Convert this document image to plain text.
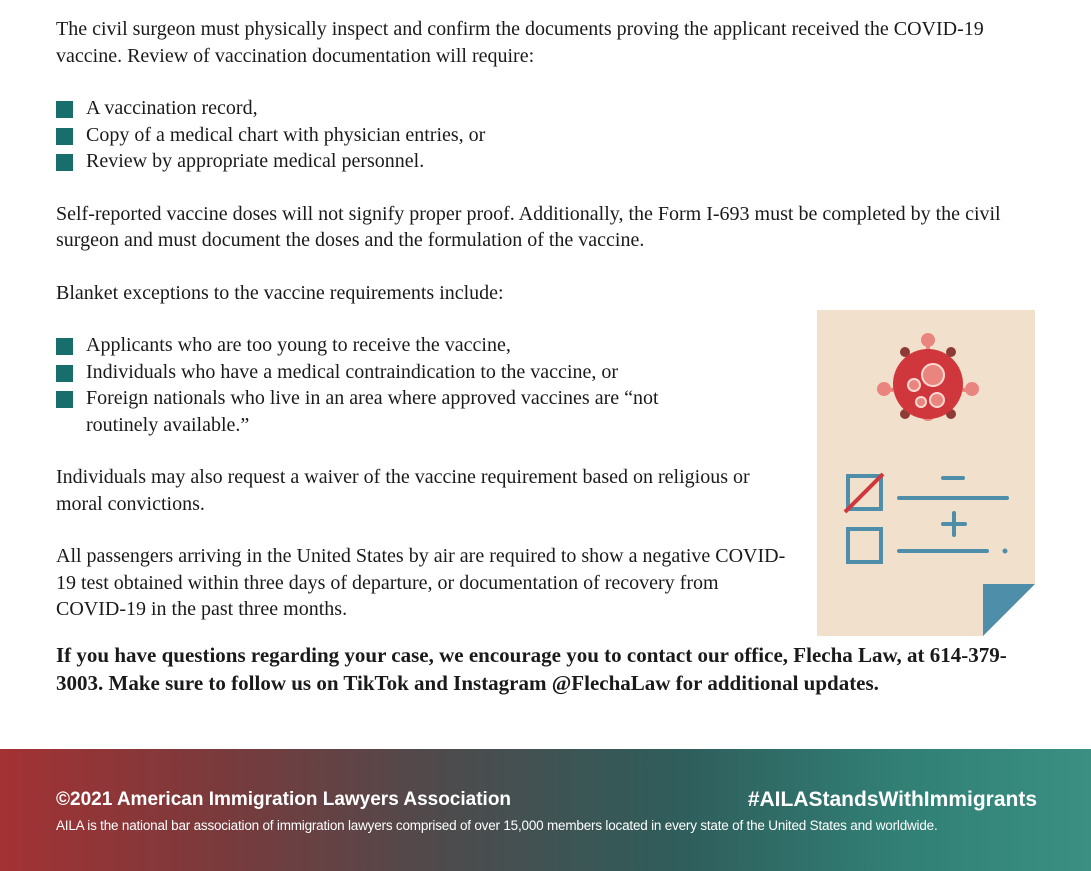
The civil surgeon must physically inspect and confirm the documents proving the applicant received the COVID-19 vaccine. Review of vaccination documentation will require:

A vaccination record,
Copy of a medical chart with physician entries, or
Review by appropriate medical personnel.

Self-reported vaccine doses will not signify proper proof. Additionally, the Form I-693 must be completed by the civil surgeon and must document the doses and the formulation of the vaccine.

Blanket exceptions to the vaccine requirements include:

Applicants who are too young to receive the vaccine,
Individuals who have a medical contraindication to the vaccine, or
Foreign nationals who live in an area where approved vaccines are “not routinely available.”

Individuals may also request a waiver of the vaccine requirement based on religious or moral convictions.

All passengers arriving in the United States by air are required to show a negative COVID-19 test obtained within three days of departure, or documentation of recovery from COVID-19 in the past three months.

If you have questions regarding your case, we encourage you to contact our office, Flecha Law, at 614-379-3003. Make sure to follow us on TikTok and Instagram @FlechaLaw for additional updates.

©2021 American Immigration Lawyers Association	#AILAStandsWithImmigrants
AILA is the national bar association of immigration lawyers comprised of over 15,000 members located in every state of the United States and worldwide.
